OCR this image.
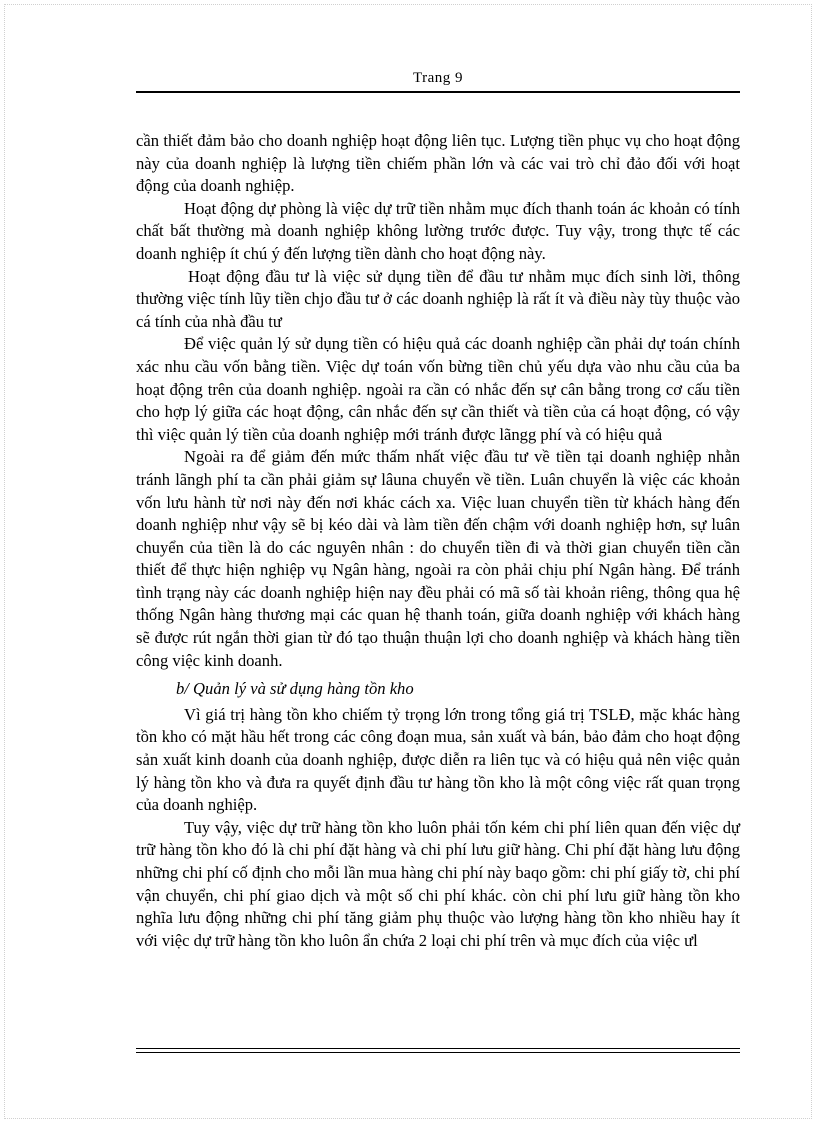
Trang 9

cần thiết đảm bảo cho doanh nghiệp hoạt động liên tục. Lượng tiền phục vụ cho hoạt động này của doanh nghiệp là lượng tiền chiếm phần lớn và các vai trò chỉ đảo đối với hoạt động của doanh nghiệp.

Hoạt động dự phòng là việc dự trữ tiền nhằm mục đích thanh toán ác khoản có tính chất bất thường mà doanh nghiệp không lường trước được. Tuy vậy, trong thực tế các doanh nghiệp ít chú ý đến lượng tiền dành cho hoạt động này.

Hoạt động đầu tư là việc sử dụng tiền để đầu tư nhằm mục đích sinh lời, thông thường việc tính lũy tiền chjo đầu tư ở các doanh nghiệp là rất ít và điều này tùy thuộc vào cá tính của nhà đầu tư

Để việc quản lý sử dụng tiền có hiệu quả các doanh nghiệp cần phải dự toán chính xác nhu cầu vốn bằng tiền. Việc dự toán vốn bừng tiền chủ yếu dựa vào nhu cầu của ba hoạt động trên của doanh nghiệp. ngoài ra cần có nhắc đến sự cân bằng trong cơ cấu tiền cho hợp lý giữa các hoạt động, cân nhắc đến sự cần thiết và tiền của cá hoạt động, có vậy thì việc quản lý tiền của doanh nghiệp mới tránh được lãngg phí và có hiệu quả

Ngoài ra để giảm đến mức thấm nhất việc đầu tư về tiền tại doanh nghiệp nhằn tránh lãngh phí ta cần phải giảm sự lâuna chuyển về tiền. Luân chuyển là việc các khoản vốn lưu hành từ nơi này đến nơi khác cách xa. Việc luan chuyển tiền từ khách hàng đến doanh nghiệp như vậy sẽ bị kéo dài và làm tiền đến chậm với doanh nghiệp hơn, sự luân chuyển của tiền là do các nguyên nhân : do chuyển tiền đi và thời gian chuyển tiền cần thiết để thực hiện nghiệp vụ Ngân hàng, ngoài ra còn phải chịu phí Ngân hàng. Để tránh tình trạng này các doanh nghiệp hiện nay đều phải có mã số tài khoản riêng, thông qua hệ thống Ngân hàng thương mại các quan hệ thanh toán, giữa doanh nghiệp với khách hàng sẽ được rút ngắn thời gian từ đó tạo thuận thuận lợi cho doanh nghiệp và khách hàng tiền công việc kinh doanh.

b/ Quản lý và sử dụng hàng tồn kho

Vì giá trị hàng tồn kho chiếm tỷ trọng lớn trong tổng giá trị TSLĐ, mặc khác hàng tồn kho có mặt hầu hết trong các công đoạn mua, sản xuất và bán, bảo đảm cho hoạt động sản xuất kinh doanh của doanh nghiệp, được diễn ra liên tục và có hiệu quả nên việc quản lý hàng tồn kho và đưa ra quyết định đầu tư hàng tồn kho là một công việc rất quan trọng của doanh nghiệp.

Tuy vậy, việc dự trữ hàng tồn kho luôn phải tốn kém chi phí liên quan đến việc dự trữ hàng tồn kho đó là chi phí đặt hàng và chi phí lưu giữ hàng. Chi phí đặt hàng lưu động những chi phí cố định cho mỗi lần mua hàng chi phí này baqo gồm: chi phí giấy tờ, chi phí vận chuyển, chi phí giao dịch và một số chi phí khác. còn chi phí lưu giữ hàng tồn kho nghĩa lưu động những chi phí tăng giảm phụ thuộc vào lượng hàng tồn kho nhiều hay ít với việc dự trữ hàng tồn kho luôn ẩn chứa 2 loại chi phí trên và mục đích của việc ưl
